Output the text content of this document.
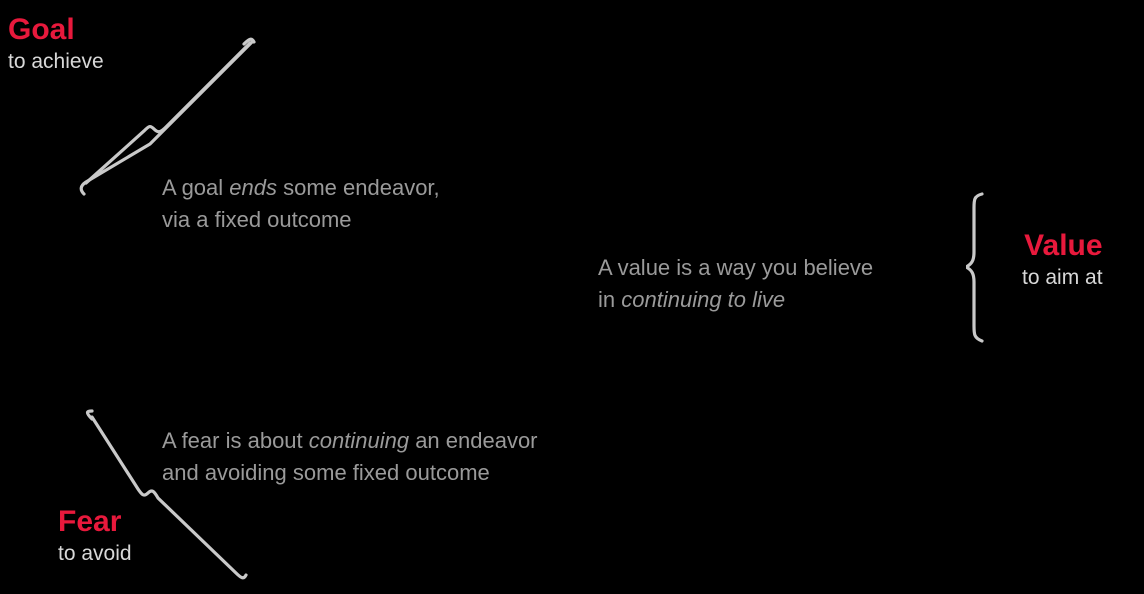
Goal
to achieve
Fear
to avoid
Value
to aim at
A goal ends some endeavor,
via a fixed outcome
A value is a way you believe
in continuing to live
A fear is about continuing an endeavor
and avoiding some fixed outcome
